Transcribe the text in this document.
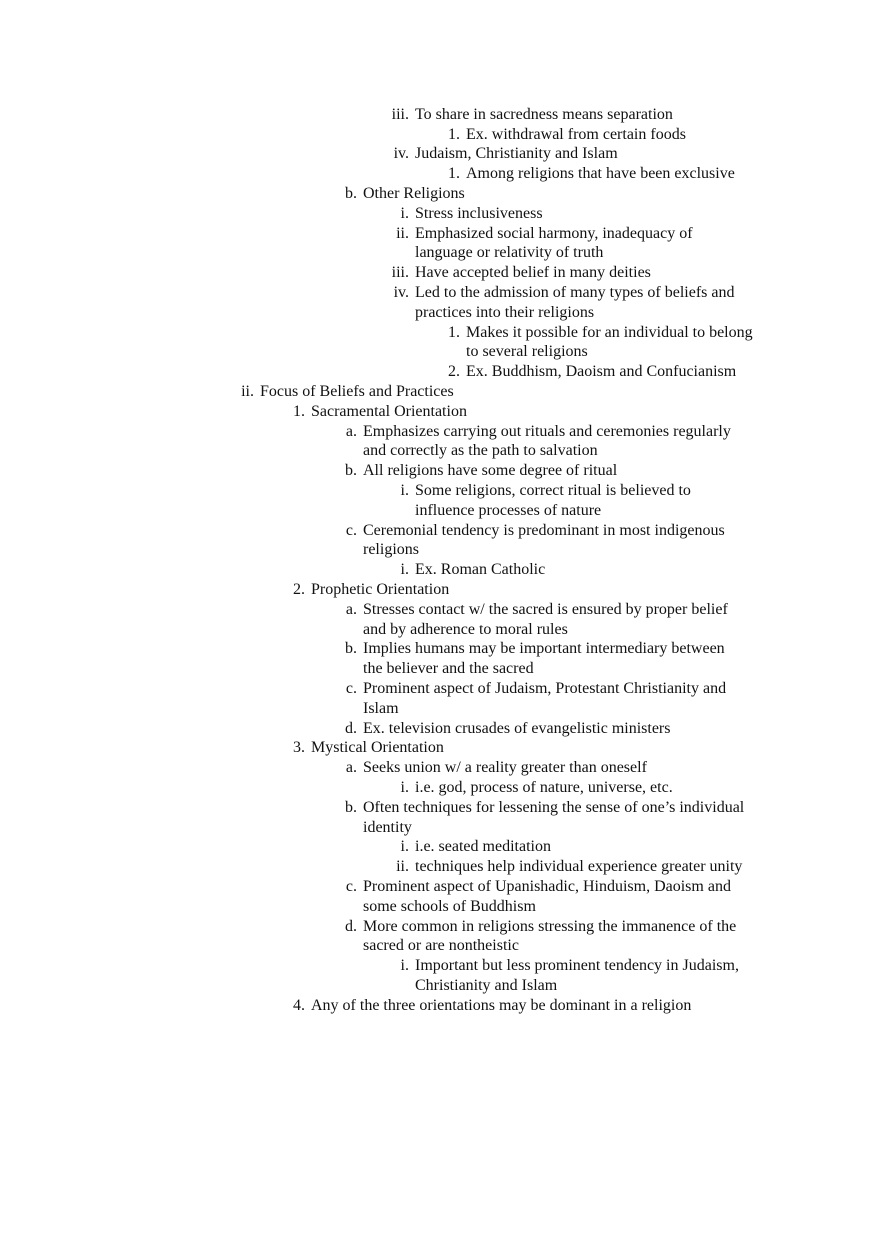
iii. To share in sacredness means separation
1. Ex. withdrawal from certain foods
iv. Judaism, Christianity and Islam
1. Among religions that have been exclusive
b. Other Religions
i. Stress inclusiveness
ii. Emphasized social harmony, inadequacy of
language or relativity of truth
iii. Have accepted belief in many deities
iv. Led to the admission of many types of beliefs and
practices into their religions
1. Makes it possible for an individual to belong
to several religions
2. Ex. Buddhism, Daoism and Confucianism
ii. Focus of Beliefs and Practices
1. Sacramental Orientation
a. Emphasizes carrying out rituals and ceremonies regularly
and correctly as the path to salvation
b. All religions have some degree of ritual
i. Some religions, correct ritual is believed to
influence processes of nature
c. Ceremonial tendency is predominant in most indigenous
religions
i. Ex. Roman Catholic
2. Prophetic Orientation
a. Stresses contact w/ the sacred is ensured by proper belief
and by adherence to moral rules
b. Implies humans may be important intermediary between
the believer and the sacred
c. Prominent aspect of Judaism, Protestant Christianity and
Islam
d. Ex. television crusades of evangelistic ministers
3. Mystical Orientation
a. Seeks union w/ a reality greater than oneself
i. i.e. god, process of nature, universe, etc.
b. Often techniques for lessening the sense of one’s individual
identity
i. i.e. seated meditation
ii. techniques help individual experience greater unity
c. Prominent aspect of Upanishadic, Hinduism, Daoism and
some schools of Buddhism
d. More common in religions stressing the immanence of the
sacred or are nontheistic
i. Important but less prominent tendency in Judaism,
Christianity and Islam
4. Any of the three orientations may be dominant in a religion
